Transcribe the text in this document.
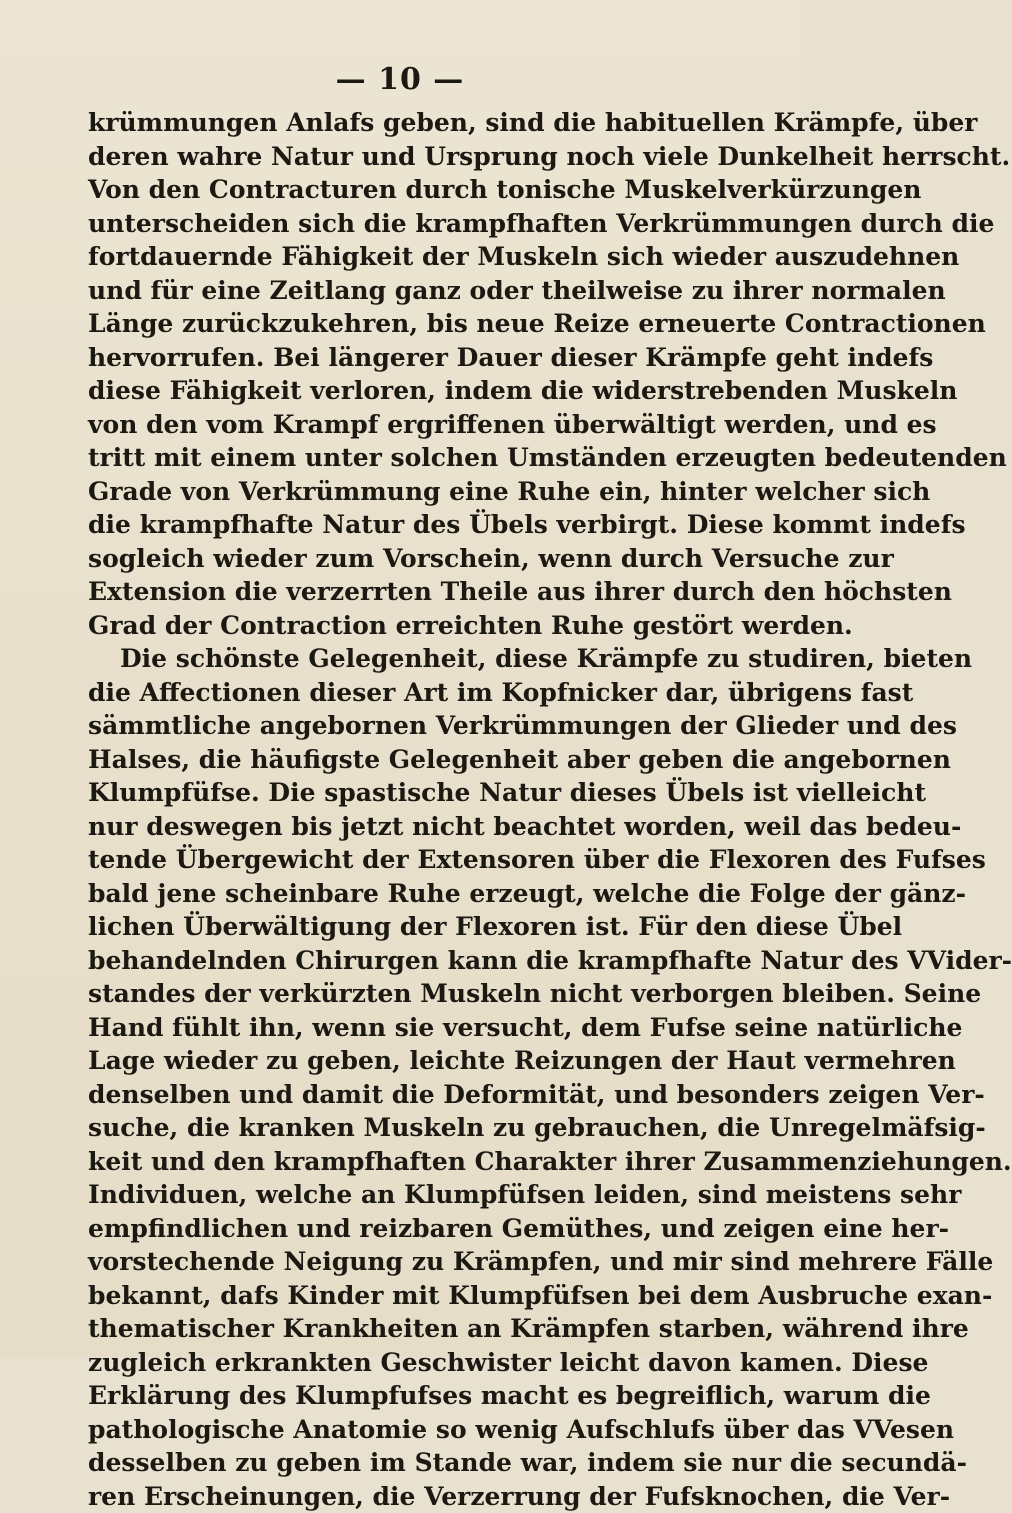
— 10 —
krümmungen Anlafs geben, sind die habituellen Krämpfe, über
deren wahre Natur und Ursprung noch viele Dunkelheit herrscht.
Von den Contracturen durch tonische Muskelverkürzungen
unterscheiden sich die krampfhaften Verkrümmungen durch die
fortdauernde Fähigkeit der Muskeln sich wieder auszudehnen
und für eine Zeitlang ganz oder theilweise zu ihrer normalen
Länge zurückzukehren, bis neue Reize erneuerte Contractionen
hervorrufen. Bei längerer Dauer dieser Krämpfe geht indefs
diese Fähigkeit verloren, indem die widerstrebenden Muskeln
von den vom Krampf ergriffenen überwältigt werden, und es
tritt mit einem unter solchen Umständen erzeugten bedeutenden
Grade von Verkrümmung eine Ruhe ein, hinter welcher sich
die krampfhafte Natur des Übels verbirgt. Diese kommt indefs
sogleich wieder zum Vorschein, wenn durch Versuche zur
Extension die verzerrten Theile aus ihrer durch den höchsten
Grad der Contraction erreichten Ruhe gestört werden.
Die schönste Gelegenheit, diese Krämpfe zu studiren, bieten
die Affectionen dieser Art im Kopfnicker dar, übrigens fast
sämmtliche angebornen Verkrümmungen der Glieder und des
Halses, die häufigste Gelegenheit aber geben die angebornen
Klumpfüfse. Die spastische Natur dieses Übels ist vielleicht
nur deswegen bis jetzt nicht beachtet worden, weil das bedeu-
tende Übergewicht der Extensoren über die Flexoren des Fufses
bald jene scheinbare Ruhe erzeugt, welche die Folge der gänz-
lichen Überwältigung der Flexoren ist. Für den diese Übel
behandelnden Chirurgen kann die krampfhafte Natur des VVider-
standes der verkürzten Muskeln nicht verborgen bleiben. Seine
Hand fühlt ihn, wenn sie versucht, dem Fufse seine natürliche
Lage wieder zu geben, leichte Reizungen der Haut vermehren
denselben und damit die Deformität, und besonders zeigen Ver-
suche, die kranken Muskeln zu gebrauchen, die Unregelmäfsig-
keit und den krampfhaften Charakter ihrer Zusammenziehungen.
Individuen, welche an Klumpfüfsen leiden, sind meistens sehr
empfindlichen und reizbaren Gemüthes, und zeigen eine her-
vorstechende Neigung zu Krämpfen, und mir sind mehrere Fälle
bekannt, dafs Kinder mit Klumpfüfsen bei dem Ausbruche exan-
thematischer Krankheiten an Krämpfen starben, während ihre
zugleich erkrankten Geschwister leicht davon kamen. Diese
Erklärung des Klumpfufses macht es begreiflich, warum die
pathologische Anatomie so wenig Aufschlufs über das VVesen
desselben zu geben im Stande war, indem sie nur die secundä-
ren Erscheinungen, die Verzerrung der Fufsknochen, die Ver-
